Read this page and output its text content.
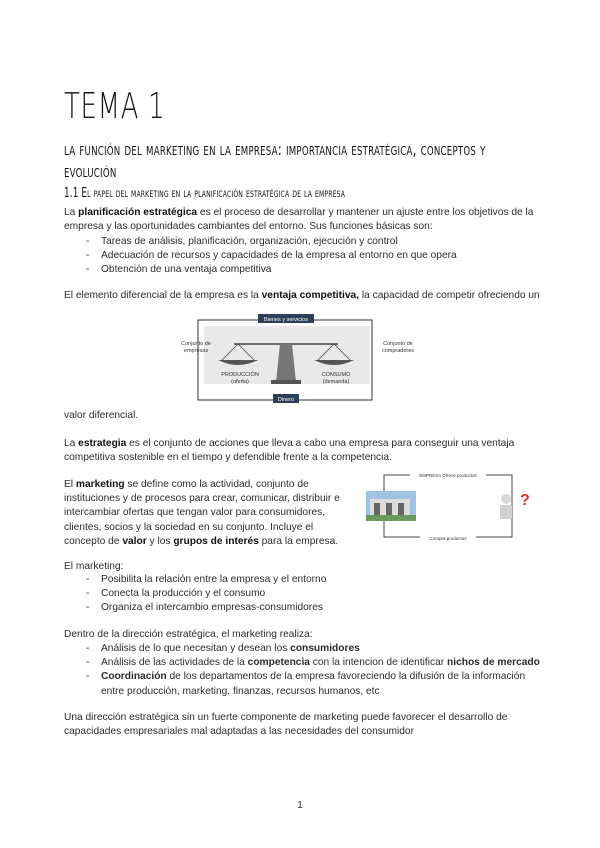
TEMA 1
la función del marketing en la empresa: importancia estratégica, conceptos y evolución
1.1 El papel del marketing en la planificación estratégica de la empresa
La planificación estratégica es el proceso de desarrollar y mantener un ajuste entre los objetivos de la
empresa y las oportunidades cambiantes del entorno. Sus funciones básicas son:
- Tareas de análisis, planificación, organización, ejecución y control
- Adecuación de recursos y capacidades de la empresa al entorno en que opera
- Obtención de una ventaja competitiva
El elemento diferencial de la empresa es la ventaja competitiva, la capacidad de competir ofreciendo un
Bienes y servicios
Dinero
PRODUCCIÓN
(oferta)
CONSUMO
(demanda)
Conjunto de
empresas
Conjunto de
compradores
valor diferencial.
La estrategia es el conjunto de acciones que lleva a cabo una empresa para conseguir una ventaja
competitiva sostenible en el tiempo y defendible frente a la competencia.
El marketing se define como la actividad, conjunto de
instituciones y de procesos para crear, comunicar, distribuir e
intercambiar ofertas que tengan valor para consumidores,
clientes, socios y la sociedad en su conjunto. Incluye el
concepto de valor y los grupos de interés para la empresa.
EMPRESA Ofrece productos
Compra productos
?
El marketing:
- Posibilita la relación entre la empresa y el entorno
- Conecta la producción y el consumo
- Organiza el intercambio empresas-consumidores
Dentro de la dirección estratégica, el marketing realiza:
- Análisis de lo que necesitan y desean los consumidores
- Análisis de las actividades de la competencia con la intencion de identificar nichos de mercado
- Coordinación de los departamentos de la empresa favoreciendo la difusión de la información
entre producción, marketing, finanzas, recursos humanos, etc
Una dirección estratégica sin un fuerte componente de marketing puede favorecer el desarrollo de
capacidades empresariales mal adaptadas a las necesidades del consumidor
1
